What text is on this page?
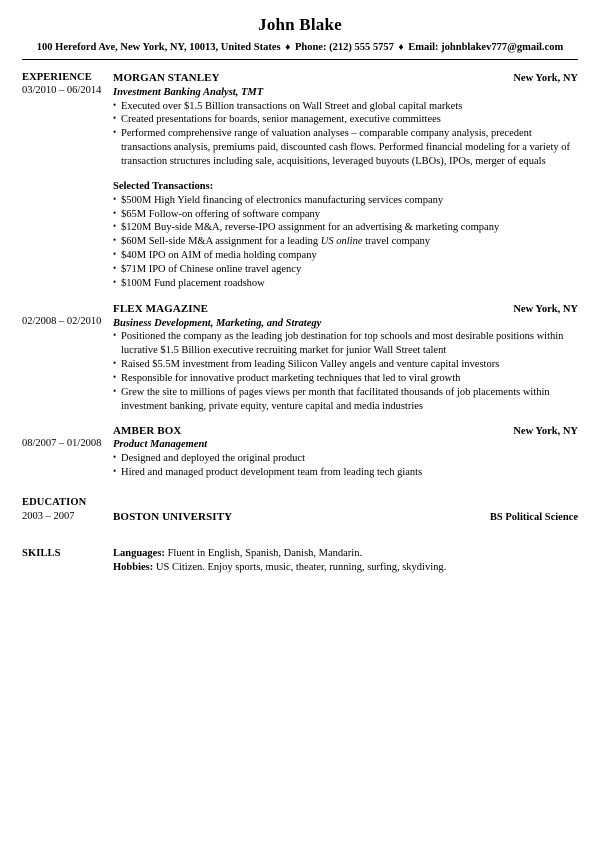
John Blake
100 Hereford Ave, New York, NY, 10013, United States ♦ Phone: (212) 555 5757 ♦ Email: johnblakev777@gmail.com
EXPERIENCE
03/2010 – 06/2014
MORGAN STANLEY	New York, NY
Investment Banking Analyst, TMT
• Executed over $1.5 Billion transactions on Wall Street and global capital markets
• Created presentations for boards, senior management, executive committees
• Performed comprehensive range of valuation analyses – comparable company analysis, precedent transactions analysis, premiums paid, discounted cash flows. Performed financial modeling for a variety of transaction structures including sale, acquisitions, leveraged buyouts (LBOs), IPOs, merger of equals
Selected Transactions:
• $500M High Yield financing of electronics manufacturing services company
• $65M Follow-on offering of software company
• $120M Buy-side M&A, reverse-IPO assignment for an advertising & marketing company
• $60M Sell-side M&A assignment for a leading US online travel company
• $40M IPO on AIM of media holding company
• $71M IPO of Chinese online travel agency
• $100M Fund placement roadshow
02/2008 – 02/2010
FLEX MAGAZINE	New York, NY
Business Development, Marketing, and Strategy
• Positioned the company as the leading job destination for top schools and most desirable positions within lucrative $1.5 Billion executive recruiting market for junior Wall Street talent
• Raised $5.5M investment from leading Silicon Valley angels and venture capital investors
• Responsible for innovative product marketing techniques that led to viral growth
• Grew the site to millions of pages views per month that facilitated thousands of job placements within investment banking, private equity, venture capital and media industries
08/2007 – 01/2008
AMBER BOX	New York, NY
Product Management
• Designed and deployed the original product
• Hired and managed product development team from leading tech giants
EDUCATION
2003 – 2007	BOSTON UNIVERSITY	BS Political Science
SKILLS	Languages: Fluent in English, Spanish, Danish, Mandarin.
Hobbies: US Citizen. Enjoy sports, music, theater, running, surfing, skydiving.
